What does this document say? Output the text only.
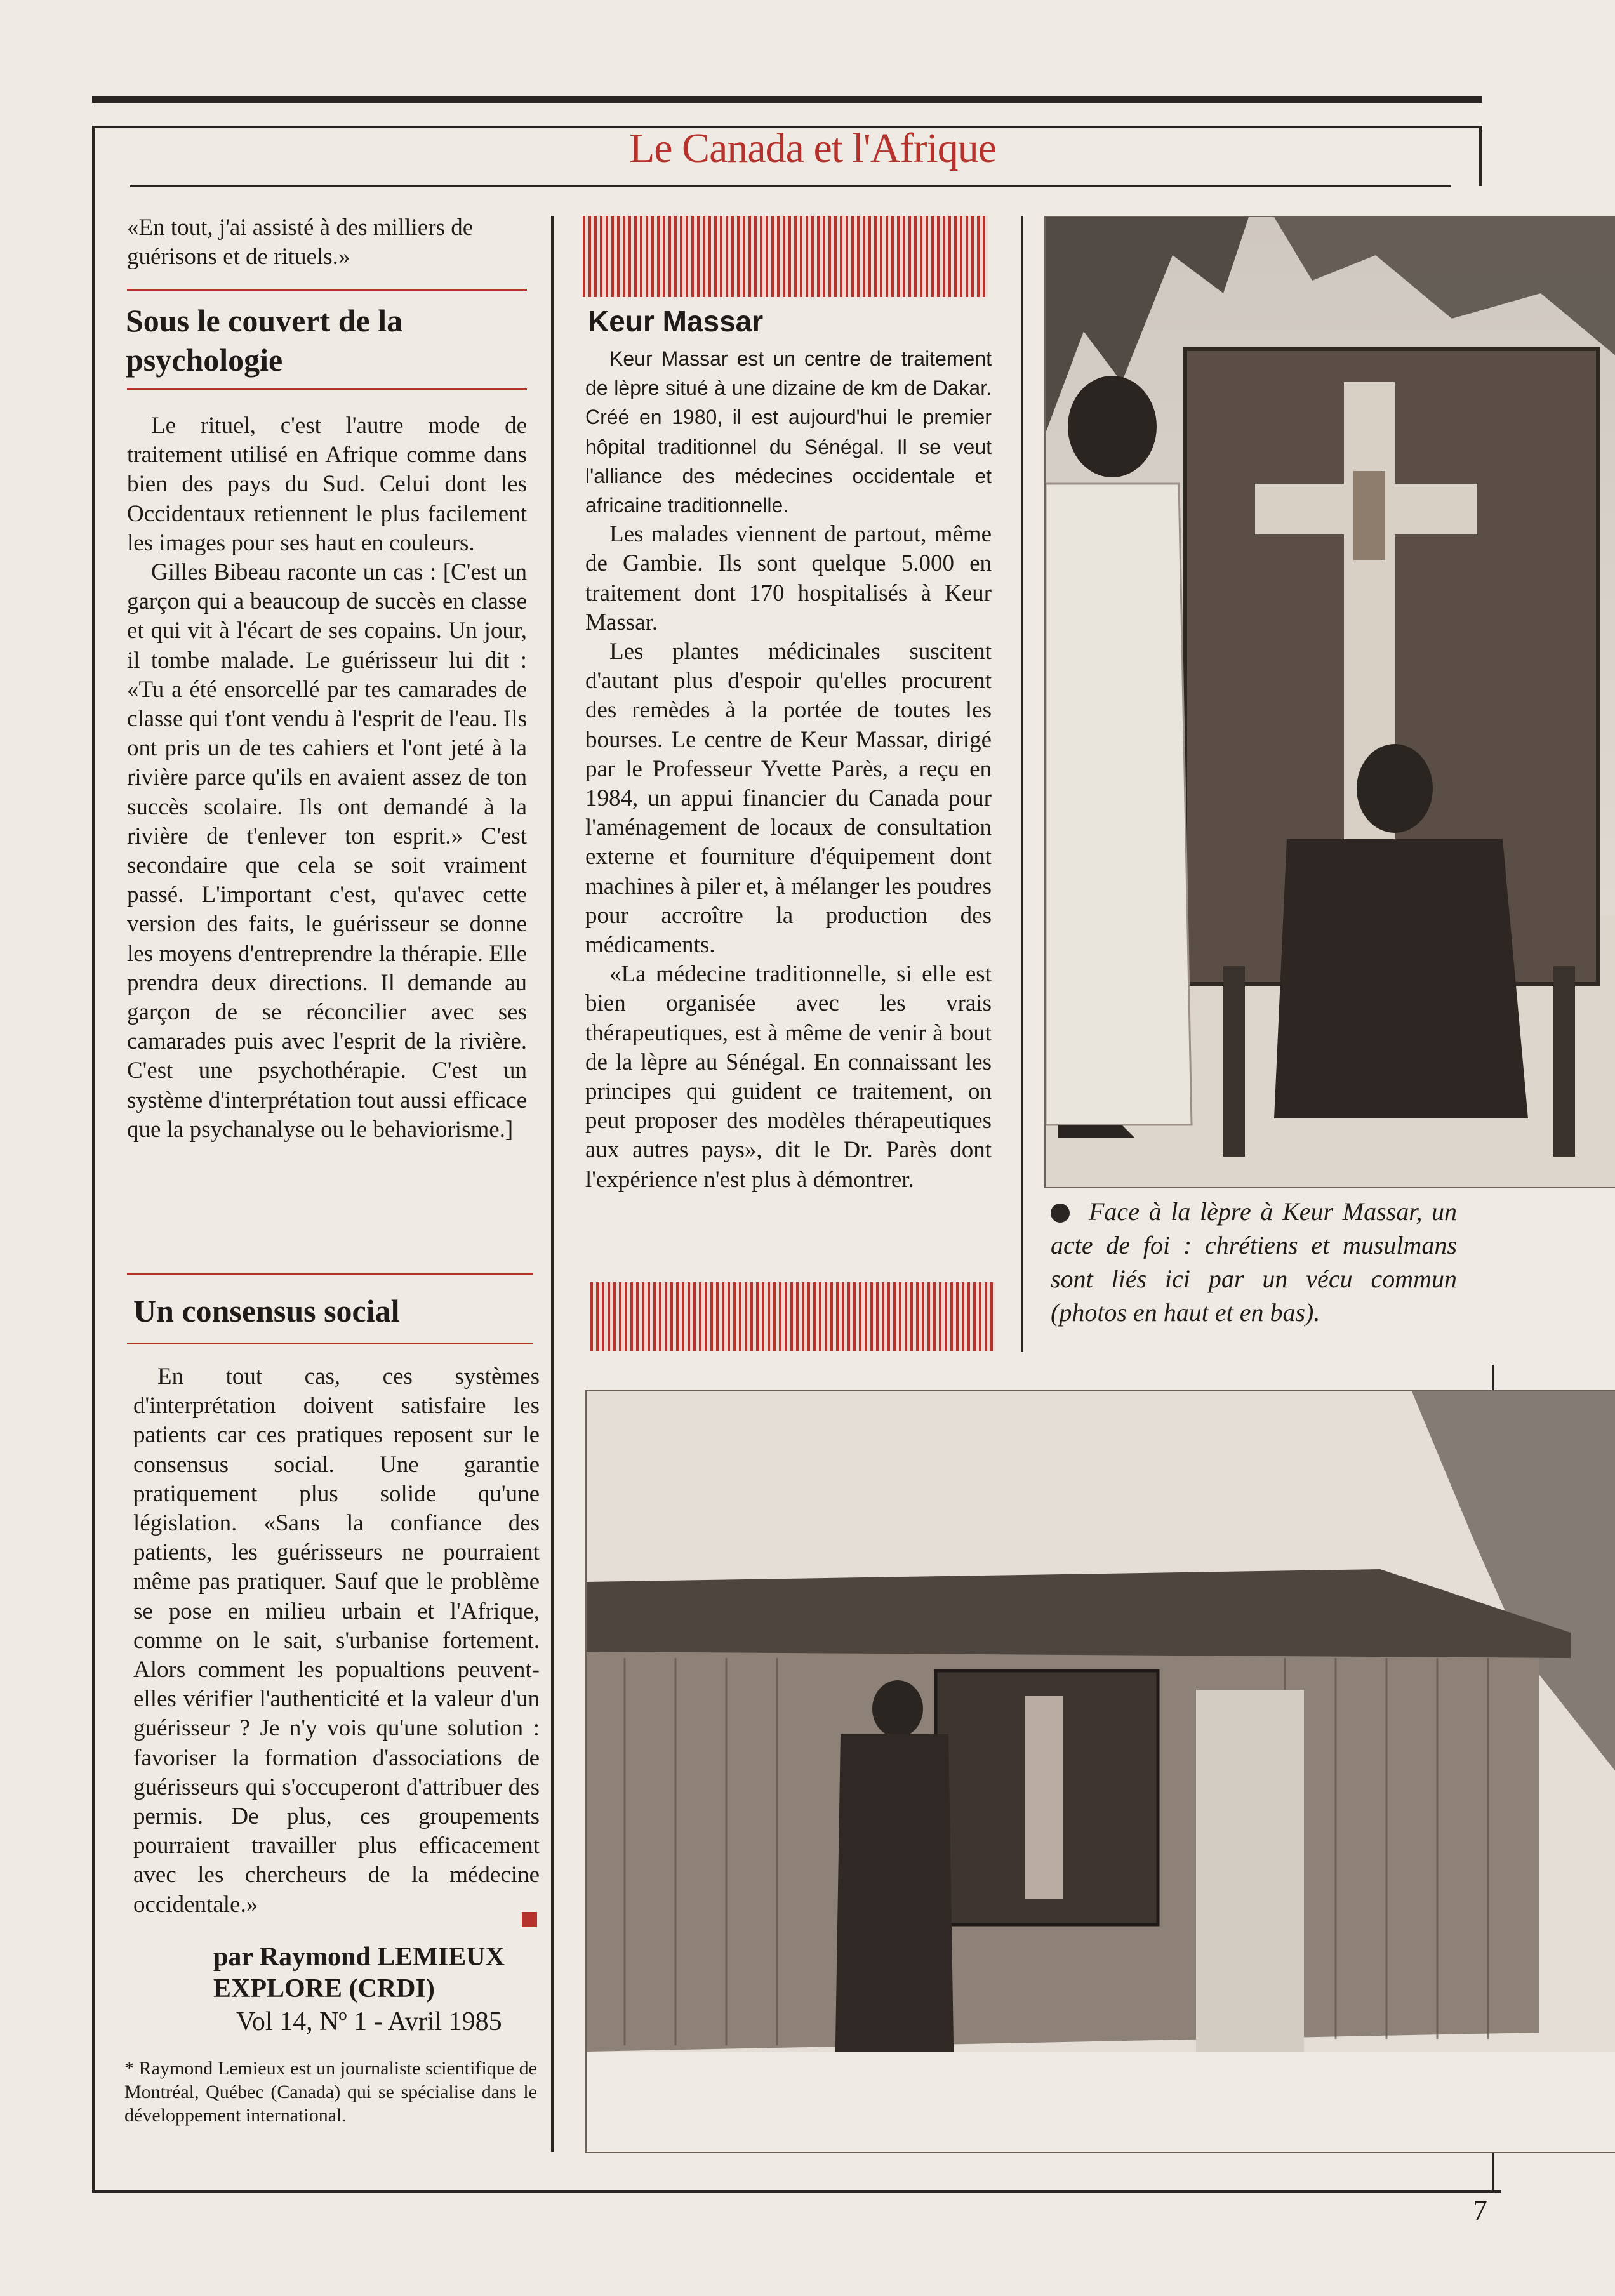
Le Canada et l'Afrique

«En tout, j'ai assisté à des milliers de guérisons et de rituels.»

Sous le couvert de la psychologie

Le rituel, c'est l'autre mode de traitement utilisé en Afrique comme dans bien des pays du Sud. Celui dont les Occidentaux retiennent le plus facilement les images pour ses haut en couleurs.

Gilles Bibeau raconte un cas : [C'est un garçon qui a beaucoup de succès en classe et qui vit à l'écart de ses copains. Un jour, il tombe malade. Le guérisseur lui dit : «Tu a été ensorcellé par tes camarades de classe qui t'ont vendu à l'esprit de l'eau. Ils ont pris un de tes cahiers et l'ont jeté à la rivière parce qu'ils en avaient assez de ton succès scolaire. Ils ont demandé à la rivière de t'enlever ton esprit.» C'est secondaire que cela se soit vraiment passé. L'important c'est, qu'avec cette version des faits, le guérisseur se donne les moyens d'entreprendre la thérapie. Elle prendra deux directions. Il demande au garçon de se réconcilier avec ses camarades puis avec l'esprit de la rivière. C'est une psychothérapie. C'est un système d'interprétation tout aussi efficace que la psychanalyse ou le behaviorisme.]

Un consensus social

En tout cas, ces systèmes d'interprétation doivent satisfaire les patients car ces pratiques reposent sur le consensus social. Une garantie pratiquement plus solide qu'une législation. «Sans la confiance des patients, les guérisseurs ne pourraient même pas pratiquer. Sauf que le problème se pose en milieu urbain et l'Afrique, comme on le sait, s'urbanise fortement. Alors comment les popualtions peuvent-elles vérifier l'authenticité et la valeur d'un guérisseur ? Je n'y vois qu'une solution : favoriser la formation d'associations de guérisseurs qui s'occuperont d'attribuer des permis. De plus, ces groupements pourraient travailler plus efficacement avec les chercheurs de la médecine occidentale.»

par Raymond LEMIEUX

EXPLORE (CRDI)

Vol 14, Nº 1 - Avril 1985

* Raymond Lemieux est un journaliste scientifique de Montréal, Québec (Canada) qui se spécialise dans le développement international.

Keur Massar

Keur Massar est un centre de traitement de lèpre situé à une dizaine de km de Dakar. Créé en 1980, il est aujourd'hui le premier hôpital traditionnel du Sénégal. Il se veut l'alliance des médecines occidentale et africaine traditionnelle.

Les malades viennent de partout, même de Gambie. Ils sont quelque 5.000 en traitement dont 170 hospitalisés à Keur Massar.

Les plantes médicinales suscitent d'autant plus d'espoir qu'elles procurent des remèdes à la portée de toutes les bourses. Le centre de Keur Massar, dirigé par le Professeur Yvette Parès, a reçu en 1984, un appui financier du Canada pour l'aménagement de locaux de consultation externe et fourniture d'équipement dont machines à piler et, à mélanger les poudres pour accroître la production des médicaments.

«La médecine traditionnelle, si elle est bien organisée avec les vrais thérapeutiques, est à même de venir à bout de la lèpre au Sénégal. En connaissant les principes qui guident ce traitement, on peut proposer des modèles thérapeutiques aux autres pays», dit le Dr. Parès dont l'expérience n'est plus à démontrer.

Face à la lèpre à Keur Massar, un acte de foi : chrétiens et musulmans sont liés ici par un vécu commun (photos en haut et en bas).

7
